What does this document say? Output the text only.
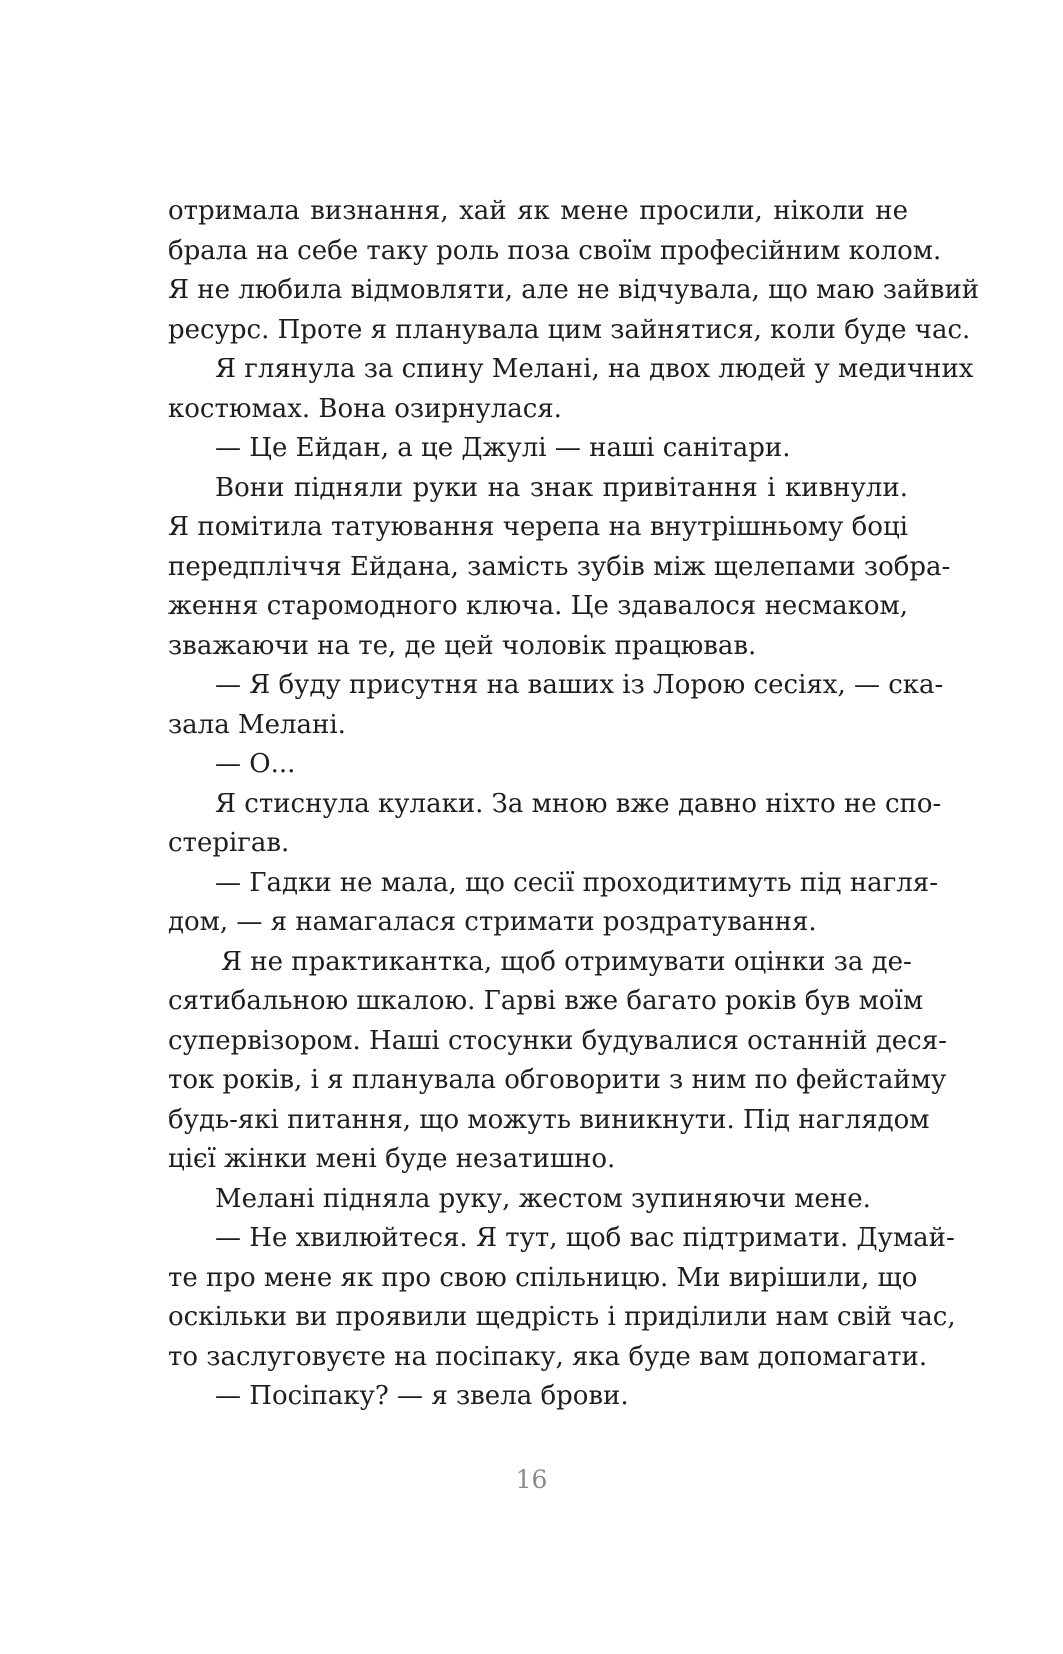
отримала визнання, хай як мене просили, ніколи не
брала на себе таку роль поза своїм професійним колом.
Я не любила відмовляти, але не відчувала, що маю зайвий
ресурс. Проте я планувала цим зайнятися, коли буде час.
Я глянула за спину Мелані, на двох людей у медичних
костюмах. Вона озирнулася.
— Це Ейдан, а це Джулі — наші санітари.
Вони підняли руки на знак привітання і кивнули.
Я помітила татуювання черепа на внутрішньому боці
передпліччя Ейдана, замість зубів між щелепами зобра-
ження старомодного ключа. Це здавалося несмаком,
зважаючи на те, де цей чоловік працював.
— Я буду присутня на ваших із Лорою сесіях, — ска-
зала Мелані.
— О...
Я стиснула кулаки. За мною вже давно ніхто не спо-
стерігав.
— Гадки не мала, що сесії проходитимуть під нагля-
дом, — я намагалася стримати роздратування.
Я не практикантка, щоб отримувати оцінки за де-
сятибальною шкалою. Гарві вже багато років був моїм
супервізором. Наші стосунки будувалися останній деся-
ток років, і я планувала обговорити з ним по фейстайму
будь-які питання, що можуть виникнути. Під наглядом
цієї жінки мені буде незатишно.
Мелані підняла руку, жестом зупиняючи мене.
— Не хвилюйтеся. Я тут, щоб вас підтримати. Думай-
те про мене як про свою спільницю. Ми вирішили, що
оскільки ви проявили щедрість і приділили нам свій час,
то заслуговуєте на посіпаку, яка буде вам допомагати.
— Посіпаку? — я звела брови.
16
